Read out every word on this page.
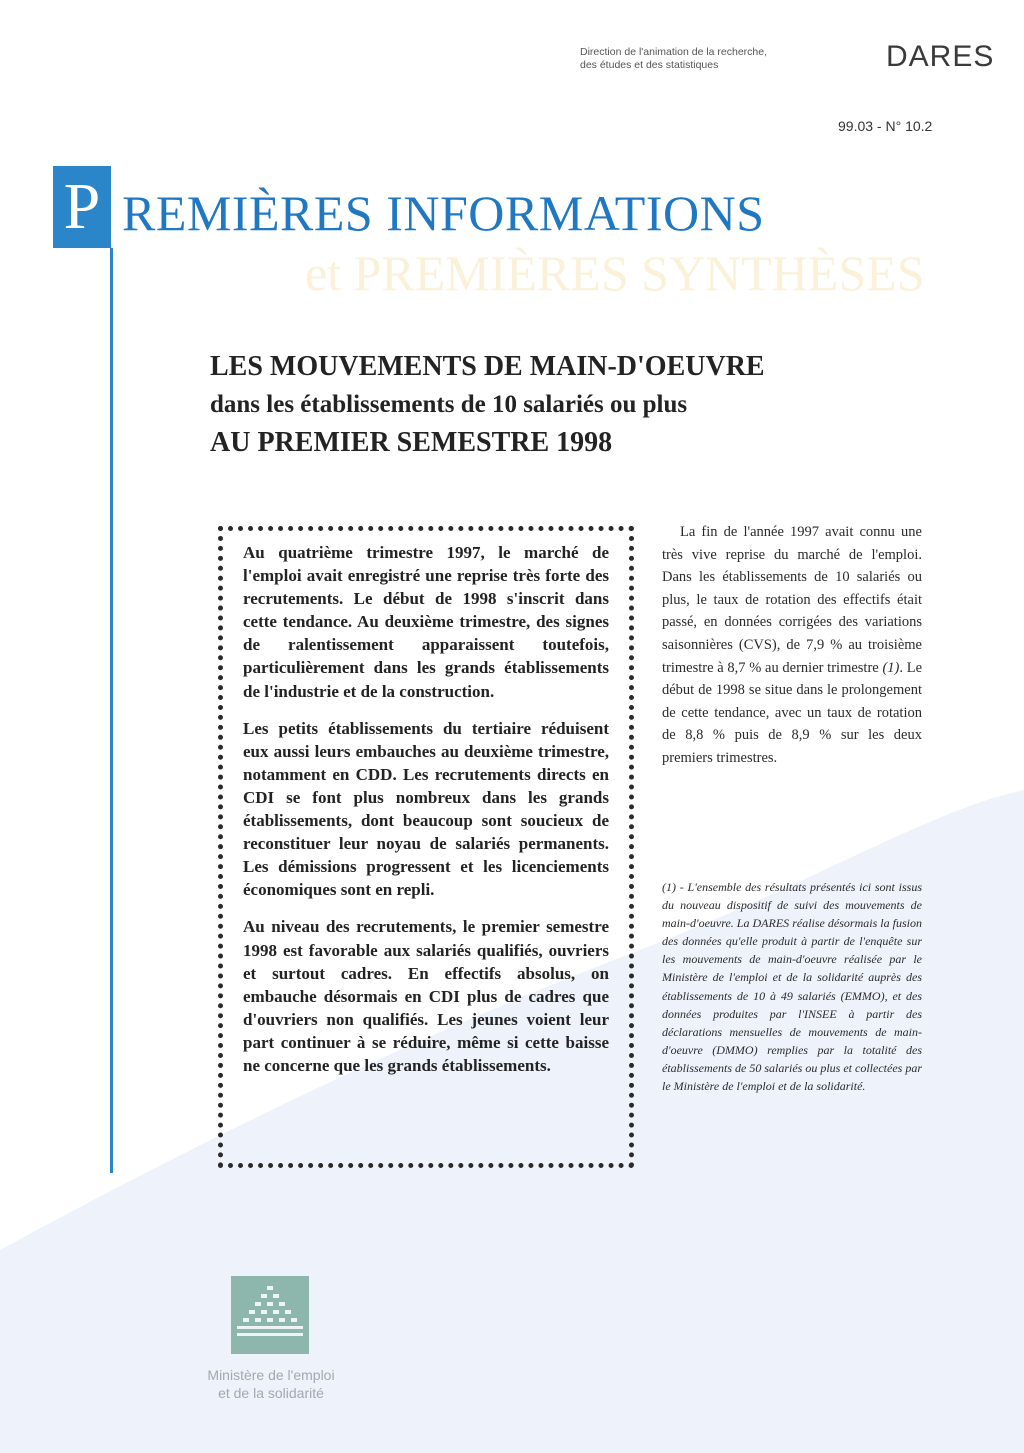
Direction de l'animation de la recherche,
des études et des statistiques	DARES
99.03 - N° 10.2
P REMIÈRES INFORMATIONS
et PREMIÈRES SYNTHÈSES
LES MOUVEMENTS DE MAIN-D'OEUVRE
dans les établissements de 10 salariés ou plus
AU PREMIER SEMESTRE 1998

Au quatrième trimestre 1997, le marché de l'emploi avait enregistré une reprise très forte des recrutements. Le début de 1998 s'inscrit dans cette tendance. Au deuxième trimestre, des signes de ralentissement apparaissent toutefois, particulièrement dans les grands établissements de l'industrie et de la construction.

Les petits établissements du tertiaire réduisent eux aussi leurs embauches au deuxième trimestre, notamment en CDD. Les recrutements directs en CDI se font plus nombreux dans les grands établissements, dont beaucoup sont soucieux de reconstituer leur noyau de salariés permanents. Les démissions progressent et les licenciements économiques sont en repli.

Au niveau des recrutements, le premier semestre 1998 est favorable aux salariés qualifiés, ouvriers et surtout cadres. En effectifs absolus, on embauche désormais en CDI plus de cadres que d'ouvriers non qualifiés. Les jeunes voient leur part continuer à se réduire, même si cette baisse ne concerne que les grands établissements.

La fin de l'année 1997 avait connu une très vive reprise du marché de l'emploi. Dans les établissements de 10 salariés ou plus, le taux de rotation des effectifs était passé, en données corrigées des variations saisonnières (CVS), de 7,9 % au troisième trimestre à 8,7 % au dernier trimestre (1). Le début de 1998 se situe dans le prolongement de cette tendance, avec un taux de rotation de 8,8 % puis de 8,9 % sur les deux premiers trimestres.

(1) - L'ensemble des résultats présentés ici sont issus du nouveau dispositif de suivi des mouvements de main-d'oeuvre. La DARES réalise désormais la fusion des données qu'elle produit à partir de l'enquête sur les mouvements de main-d'oeuvre réalisée par le Ministère de l'emploi et de la solidarité auprès des établissements de 10 à 49 salariés (EMMO), et des données produites par l'INSEE à partir des déclarations mensuelles de mouvements de main-d'oeuvre (DMMO) remplies par la totalité des établissements de 50 salariés ou plus et collectées par le Ministère de l'emploi et de la solidarité.

Ministère de l'emploi
et de la solidarité
